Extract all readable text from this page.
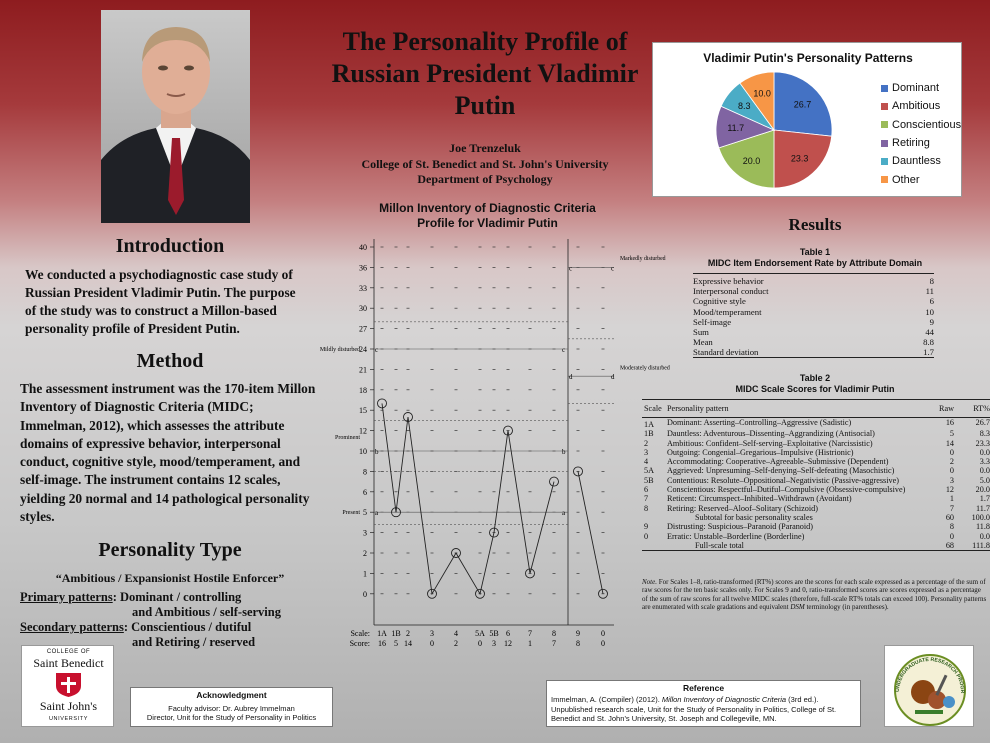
Introduction
We conducted a psychodiagnostic case study of Russian President Vladimir Putin. The purpose of the study was to construct a Millon-based personality profile of President Putin.
Method
The assessment instrument was the 170-item Millon Inventory of Diagnostic Criteria (MIDC; Immelman, 2012), which assesses the attribute domains of expressive behavior, interpersonal conduct, cognitive style, mood/temperament, and self-image. The instrument contains 12 scales, yielding 20 normal and 14 pathological personality styles.
Personality Type
“Ambitious / Expansionist Hostile Enforcer”
Primary patterns: Dominant / controlling
and Ambitious / self-serving
Secondary patterns: Conscientious / dutiful
and Retiring / reserved
COLLEGE OF
Saint Benedict
Saint John's
UNIVERSITY
Acknowledgment
Faculty advisor: Dr. Aubrey Immelman
Director, Unit for the Study of Personality in Politics
Reference
Immelman, A. (Compiler) (2012). Millon Inventory of Diagnostic Criteria (3rd ed.). Unpublished research scale, Unit for the Study of Personality in Politics, College of St. Benedict and St. John’s University, St. Joseph and Collegeville, MN.
UNDERGRADUATE RESEARCH PROGR
The Personality Profile of Russian President Vladimir Putin
Joe Trenzeluk
College of St. Benedict and St. John's University
Department of Psychology
Millon Inventory of Diagnostic Criteria Profile for Vladimir Putin
40
36
33
30
27
24
21
18
15
12
10
8
6
5
3
2
1
0
a	a
b	b
c	c
c	c
d	d
Present
Prominent
Mildly disturbed
Moderately disturbed
Markedly disturbed
Scale:
Score:
1A
16
1B
5
2
14
3
0
4
2
5A
0
5B
3
6
12
7
1
8
7
9
8
0
0
Vladimir Putin's Personality Patterns
26.7
23.3
20.0
11.7
8.3
10.0	Dominant
Ambitious
Conscientious
Retiring
Dauntless
Other
Results
Table 1
MIDC Item Endorsement Rate by Attribute Domain
Expressive behavior	8
Interpersonal conduct	11
Cognitive style	6
Mood/temperament	10
Self-image	9
Sum	44
Mean	8.8
Standard deviation	1.7
Table 2
MIDC Scale Scores for Vladimir Putin
Scale	Personality pattern	Raw	RT%
1A	Dominant: Asserting–Controlling–Aggressive (Sadistic)	16	26.7
1B	Dauntless: Adventurous–Dissenting–Aggrandizing (Antisocial)	5	8.3
2	Ambitious: Confident–Self-serving–Exploitative (Narcissistic)	14	23.3
3	Outgoing: Congenial–Gregarious–Impulsive (Histrionic)	0	0.0
4	Accommodating: Cooperative–Agreeable–Submissive (Dependent)	2	3.3
5A	Aggrieved: Unpresuming–Self-denying–Self-defeating (Masochistic)	0	0.0
5B	Contentious: Resolute–Oppositional–Negativistic (Passive-aggressive)	3	5.0
6	Conscientious: Respectful–Dutiful–Compulsive (Obsessive-compulsive)	12	20.0
7	Reticent: Circumspect–Inhibited–Withdrawn (Avoidant)	1	1.7
8	Retiring: Reserved–Aloof–Solitary (Schizoid)	7	11.7
	Subtotal for basic personality scales	60	100.0
9	Distrusting: Suspicious–Paranoid (Paranoid)	8	11.8
0	Erratic: Unstable–Borderline (Borderline)	0	0.0
	Full-scale total	68	111.8
Note. For Scales 1–8, ratio-transformed (RT%) scores are the scores for each scale expressed as a percentage of the sum of raw scores for the ten basic scales only. For Scales 9 and 0, ratio-transformed scores are scores expressed as a percentage of the sum of raw scores for all twelve MIDC scales (therefore, full-scale RT% totals can exceed 100). Personality patterns are enumerated with scale gradations and equivalent DSM terminology (in parentheses).
